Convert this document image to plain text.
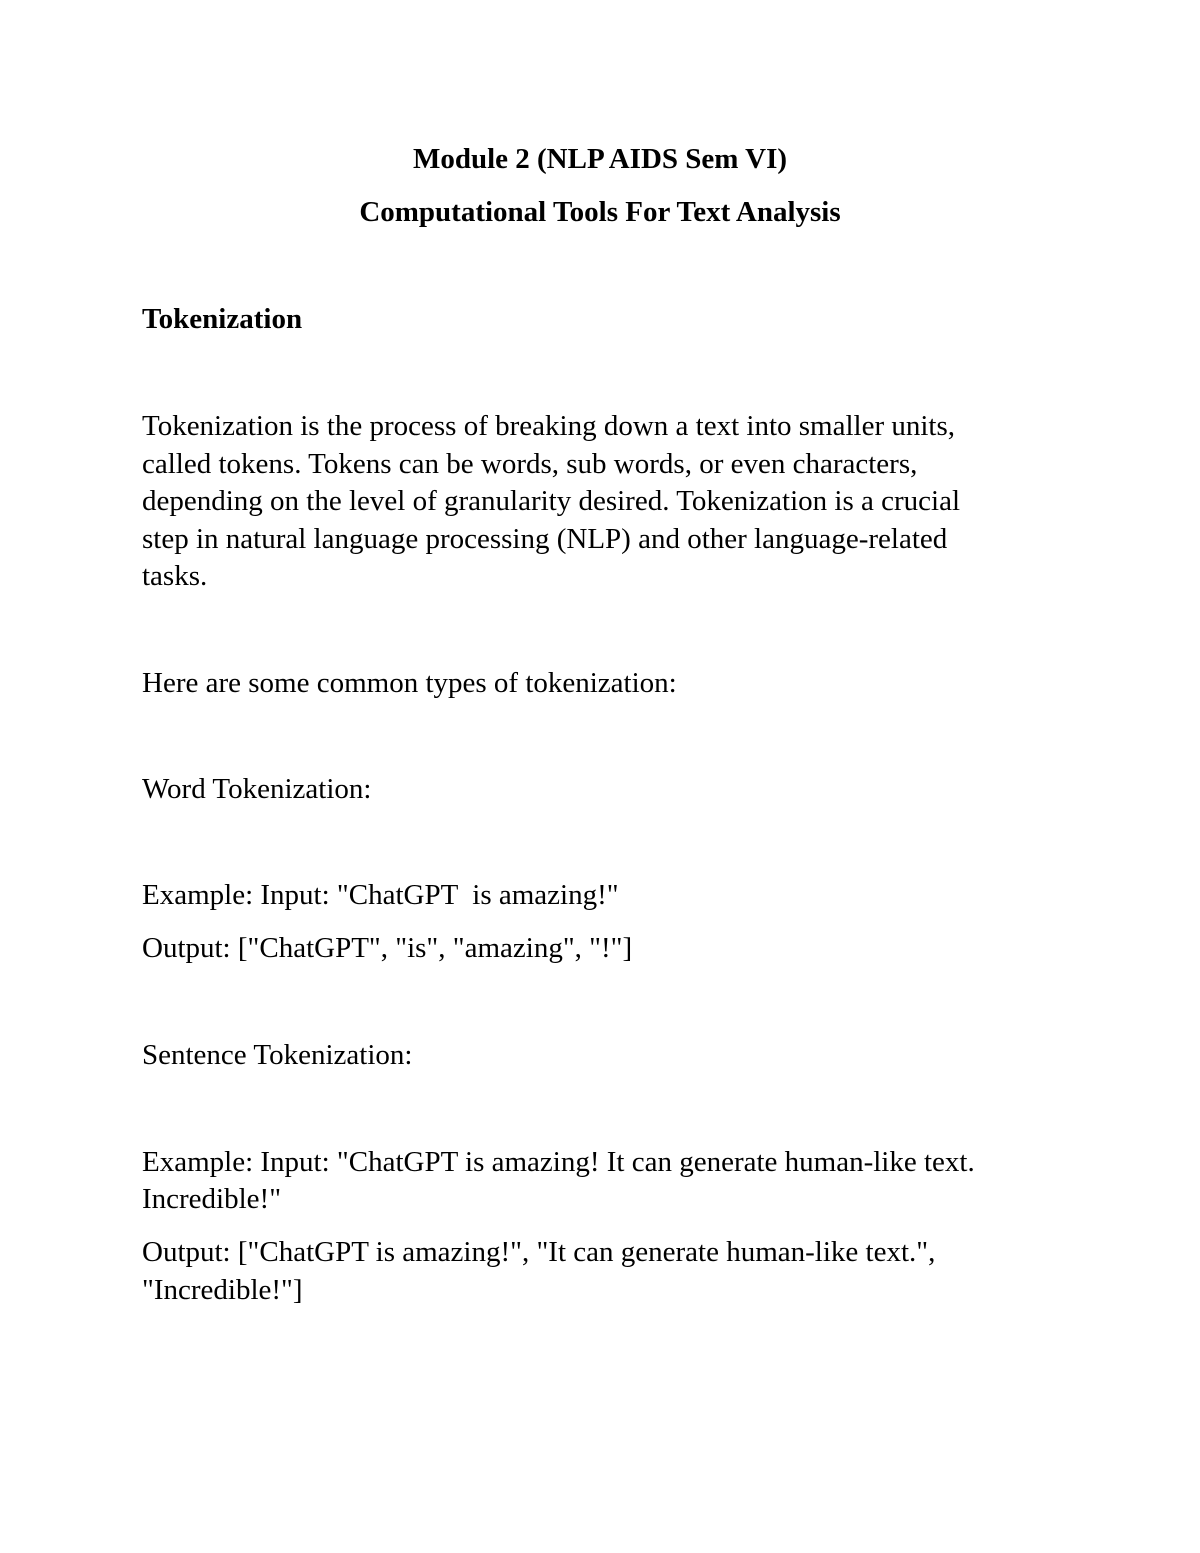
Module 2 (NLP AIDS Sem VI)
Computational Tools For Text Analysis
Tokenization
Tokenization is the process of breaking down a text into smaller units,
called tokens. Tokens can be words, sub words, or even characters,
depending on the level of granularity desired. Tokenization is a crucial
step in natural language processing (NLP) and other language-related
tasks.
Here are some common types of tokenization:
Word Tokenization:
Example: Input: "ChatGPT  is amazing!"
Output: ["ChatGPT", "is", "amazing", "!"]
Sentence Tokenization:
Example: Input: "ChatGPT is amazing! It can generate human-like text.
Incredible!"
Output: ["ChatGPT is amazing!", "It can generate human-like text.",
"Incredible!"]
